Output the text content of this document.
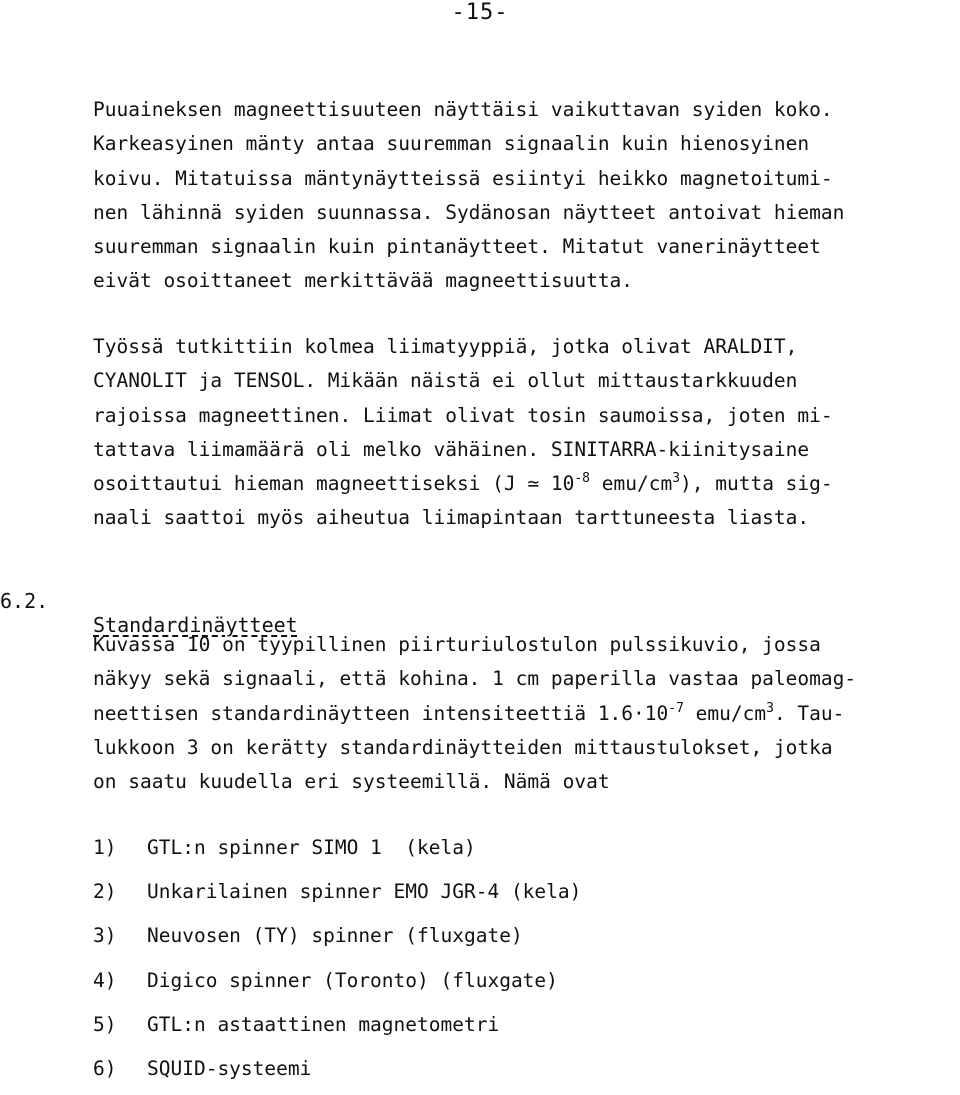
-15-
Puuaineksen magneettisuuteen näyttäisi vaikuttavan syiden koko.
Karkeasyinen mänty antaa suuremman signaalin kuin hienosyinen
koivu. Mitatuissa mäntynäytteissä esiintyi heikko magnetoitumi-
nen lähinnä syiden suunnassa. Sydänosan näytteet antoivat hieman
suuremman signaalin kuin pintanäytteet. Mitatut vanerinäytteet
eivät osoittaneet merkittävää magneettisuutta.
Työssä tutkittiin kolmea liimatyyppiä, jotka olivat ARALDIT,
CYANOLIT ja TENSOL. Mikään näistä ei ollut mittaustarkkuuden
rajoissa magneettinen. Liimat olivat tosin saumoissa, joten mi-
tattava liimamäärä oli melko vähäinen. SINITARRA-kiinitysaine
osoittautui hieman magneettiseksi (J ≃ $10^{-8}$ emu/$cm^3$), mutta sig-
naali saattoi myös aiheutua liimapintaan tarttuneesta liasta.

6.2.

Standardinäytteet

Kuvassa 10 on tyypillinen piirturiulostulon pulssikuvio, jossa
näkyy sekä signaali, että kohina. 1 cm paperilla vastaa paleomag-
neettisen standardinäytteen intensiteettiä $1.6\cdot 10^{-7}$ emu/$cm^3$. Tau-
lukkoon 3 on kerätty standardinäytteiden mittaustulokset, jotka
on saatu kuudella eri systeemillä. Nämä ovat
1) GTL:n spinner SIMO 1  (kela)
2) Unkarilainen spinner EMO JGR-4 (kela)
3) Neuvosen (TY) spinner (fluxgate)
4) Digico spinner (Toronto) (fluxgate)
5) GTL:n astaattinen magnetometri
6) SQUID-systeemi
